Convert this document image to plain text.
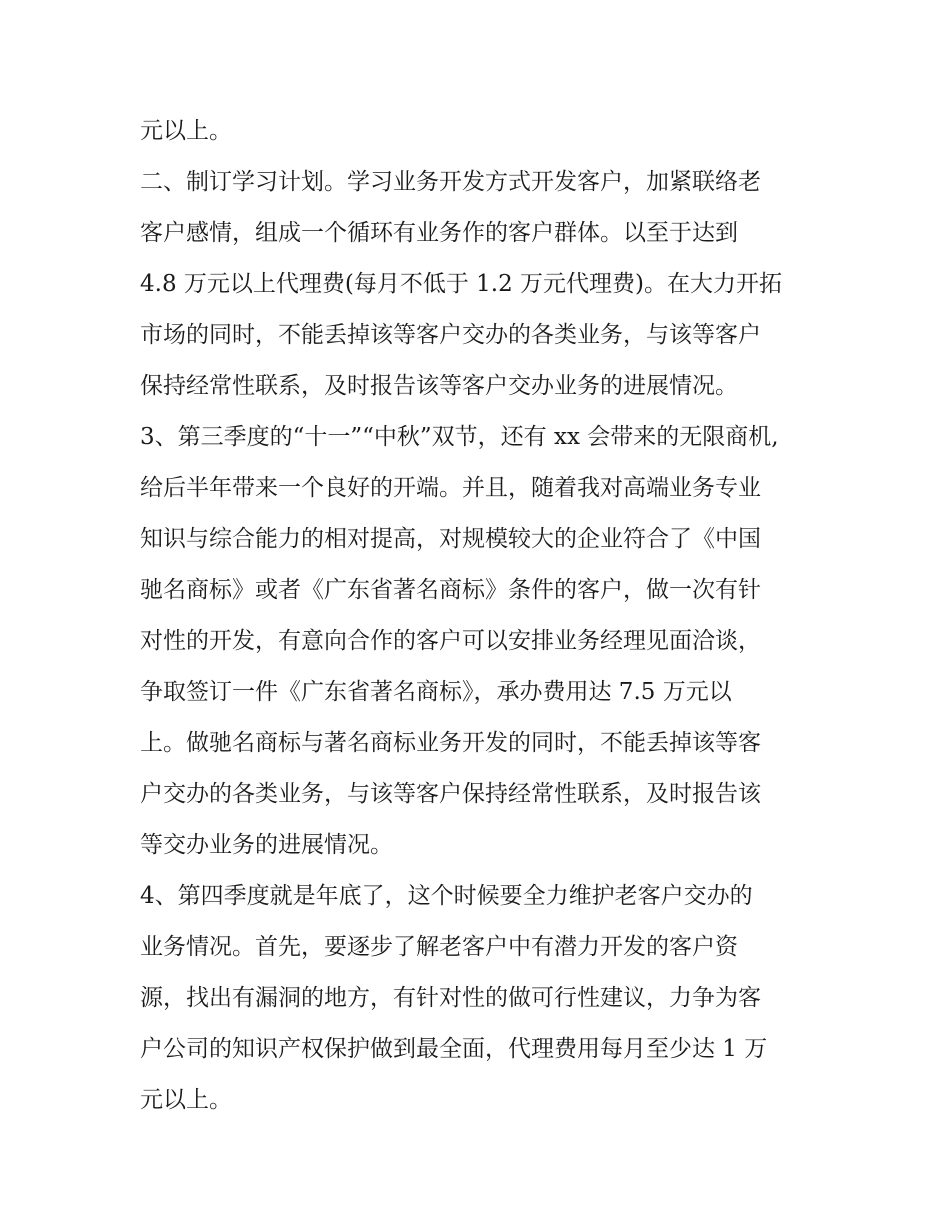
元以上。
二、制订学习计划。学习业务开发方式开发客户，加紧联络老
客户感情，组成一个循环有业务作的客户群体。以至于达到
4.8 万元以上代理费(每月不低于 1.2 万元代理费)。在大力开拓
市场的同时，不能丢掉该等客户交办的各类业务，与该等客户
保持经常性联系，及时报告该等客户交办业务的进展情况。
3、第三季度的“十一”“中秋”双节，还有 xx 会带来的无限商机,
给后半年带来一个良好的开端。并且，随着我对高端业务专业
知识与综合能力的相对提高，对规模较大的企业符合了《中国
驰名商标》或者《广东省著名商标》条件的客户，做一次有针
对性的开发，有意向合作的客户可以安排业务经理见面洽谈，
争取签订一件《广东省著名商标》，承办费用达 7.5 万元以
上。做驰名商标与著名商标业务开发的同时，不能丢掉该等客
户交办的各类业务，与该等客户保持经常性联系，及时报告该
等交办业务的进展情况。
4、第四季度就是年底了，这个时候要全力维护老客户交办的
业务情况。首先，要逐步了解老客户中有潜力开发的客户资
源，找出有漏洞的地方，有针对性的做可行性建议，力争为客
户公司的知识产权保护做到最全面，代理费用每月至少达 1 万
元以上。
